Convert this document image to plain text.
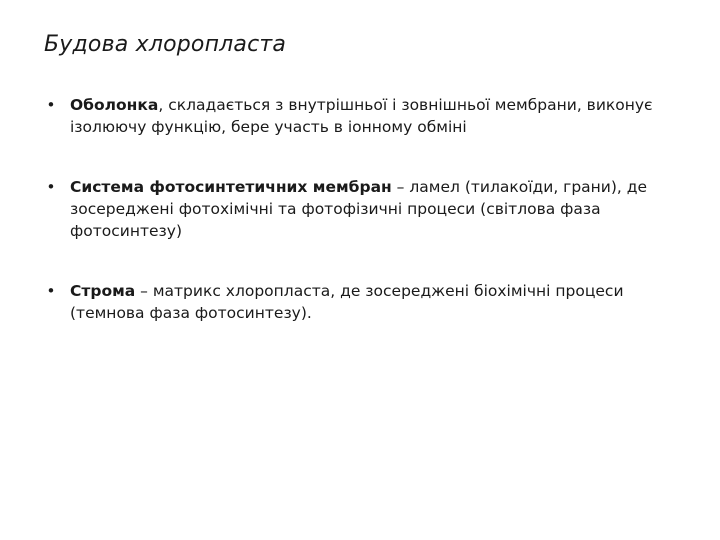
Будова хлоропласта
• Оболонка, складається з внутрішньої і зовнішньої мембрани, виконує ізолюючу функцію, бере участь в іонному обміні
• Система фотосинтетичних мембран – ламел (тилакоїди, грани), де зосереджені фотохімічні та фотофізичні процеси (світлова фаза фотосинтезу)
• Строма – матрикс хлоропласта, де зосереджені біохімічні процеси (темнова фаза фотосинтезу).
